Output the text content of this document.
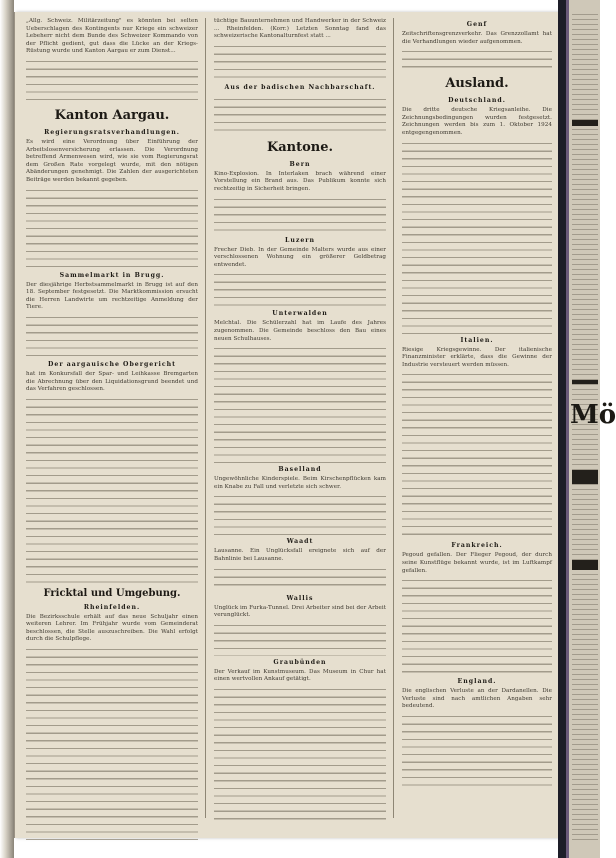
„Allg. Schweiz. Militärzeitung" es könnten bei selten Ueberschlagen des Kontingents nur Kriege ein schweizer Lebeherr nicht dem Bunde des Schweizer Kommando von der Pflicht gedient, gut dass die Lücke an der Kriegs-Rüstung wurde und Kanton Aargau er zum Dienst...
Kanton Aargau.
Regierungsratsverhandlungen.
Es wird eine Verordnung über Einführung der Arbeitslosenversicherung erlassen. Die Verordnung betreffend Armenwesen wird, wie sie vom Regierungsrat dem Großen Rate vorgelegt wurde, mit den nötigen Abänderungen genehmigt. Die Zahlen der ausgerichteten Beiträge werden bekannt gegeben.
Sammelmarkt in Brugg.
Der diesjährige Herbstsammelmarkt in Brugg ist auf den 18. September festgesetzt. Die Marktkommission ersucht die Herren Landwirte um rechtzeitige Anmeldung der Tiere.
Der aargauische Obergericht
hat im Konkursfall der Spar- und Leihkasse Bremgarten die Abrechnung über den Liquidationsgrund beendet und das Verfahren geschlossen.
Fricktal und Umgebung.
Rheinfelden.
Die Bezirksschule erhält auf das neue Schuljahr einen weiteren Lehrer. Im Frühjahr wurde vom Gemeinderat beschlossen, die Stelle auszuschreiben. Die Wahl erfolgt durch die Schulpflege.
tüchtige Bauunternehmen und Handwerker in der Schweiz ... Rheinfelden. (Korr.) Letzten Sonntag fand das schweizerische Kantonalturnfest statt ...
Aus der badischen Nachbarschaft.
Kantone.
Bern
Kino-Explosion. In Interlaken brach während einer Vorstellung ein Brand aus. Das Publikum konnte sich rechtzeitig in Sicherheit bringen.
Luzern
Frecher Dieb. In der Gemeinde Malters wurde aus einer verschlossenen Wohnung ein größerer Geldbetrag entwendet.
Unterwalden
Melchtal. Die Schülerzahl hat im Laufe des Jahres zugenommen. Die Gemeinde beschloss den Bau eines neuen Schulhauses.
Baselland
Ungewöhnliche Kinderspiele. Beim Kirschenpflücken kam ein Knabe zu Fall und verletzte sich schwer.
Waadt
Lausanne. Ein Unglücksfall ereignete sich auf der Bahnlinie bei Lausanne.
Wallis
Unglück im Furka-Tunnel. Drei Arbeiter sind bei der Arbeit verunglückt.
Graubünden
Der Verkauf im Kunstmuseum. Das Museum in Chur hat einen wertvollen Ankauf getätigt.
Genf
Zeitschriftensgrenzverkehr. Das Grenzzollamt hat die Verhandlungen wieder aufgenommen.
Ausland.
Deutschland.
Die dritte deutsche Kriegsanleihe. Die Zeichnungsbedingungen wurden festgesetzt. Zeichnungen werden bis zum 1. Oktober 1924 entgegengenommen.
Italien.
Riesige Kriegsgewinne. Der italienische Finanzminister erklärte, dass die Gewinne der Industrie versteuert werden müssen.
Frankreich.
Pegoud gefallen. Der Flieger Pegoud, der durch seine Kunstflüge bekannt wurde, ist im Luftkampf gefallen.
England.
Die englischen Verluste an der Dardanellen. Die Verluste sind nach amtlichen Angaben sehr bedeutend.
Mö
